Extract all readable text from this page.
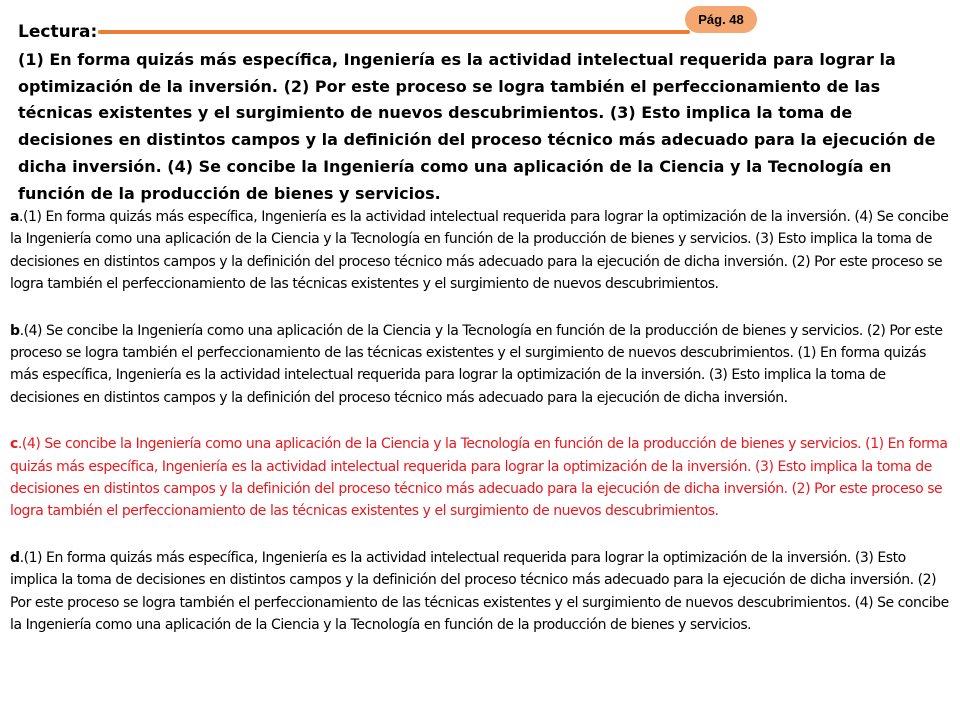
Lectura:
Pág. 48

(1) En forma quizás más específica, Ingeniería es la actividad intelectual requerida para lograr la optimización de la inversión. (2) Por este proceso se logra también el perfeccionamiento de las técnicas existentes y el surgimiento de nuevos descubrimientos. (3) Esto implica la toma de decisiones en distintos campos y la definición del proceso técnico más adecuado para la ejecución de dicha inversión. (4) Se concibe la Ingeniería como una aplicación de la Ciencia y la Tecnología en función de la producción de bienes y servicios.

a.(1) En forma quizás más específica, Ingeniería es la actividad intelectual requerida para lograr la optimización de la inversión. (4) Se concibe la Ingeniería como una aplicación de la Ciencia y la Tecnología en función de la producción de bienes y servicios. (3) Esto implica la toma de decisiones en distintos campos y la definición del proceso técnico más adecuado para la ejecución de dicha inversión. (2) Por este proceso se logra también el perfeccionamiento de las técnicas existentes y el surgimiento de nuevos descubrimientos.

b.(4) Se concibe la Ingeniería como una aplicación de la Ciencia y la Tecnología en función de la producción de bienes y servicios. (2) Por este proceso se logra también el perfeccionamiento de las técnicas existentes y el surgimiento de nuevos descubrimientos. (1) En forma quizás más específica, Ingeniería es la actividad intelectual requerida para lograr la optimización de la inversión. (3) Esto implica la toma de decisiones en distintos campos y la definición del proceso técnico más adecuado para la ejecución de dicha inversión.

c.(4) Se concibe la Ingeniería como una aplicación de la Ciencia y la Tecnología en función de la producción de bienes y servicios. (1) En forma quizás más específica, Ingeniería es la actividad intelectual requerida para lograr la optimización de la inversión. (3) Esto implica la toma de decisiones en distintos campos y la definición del proceso técnico más adecuado para la ejecución de dicha inversión. (2) Por este proceso se logra también el perfeccionamiento de las técnicas existentes y el surgimiento de nuevos descubrimientos.

d.(1) En forma quizás más específica, Ingeniería es la actividad intelectual requerida para lograr la optimización de la inversión. (3) Esto implica la toma de decisiones en distintos campos y la definición del proceso técnico más adecuado para la ejecución de dicha inversión. (2) Por este proceso se logra también el perfeccionamiento de las técnicas existentes y el surgimiento de nuevos descubrimientos. (4) Se concibe la Ingeniería como una aplicación de la Ciencia y la Tecnología en función de la producción de bienes y servicios.
